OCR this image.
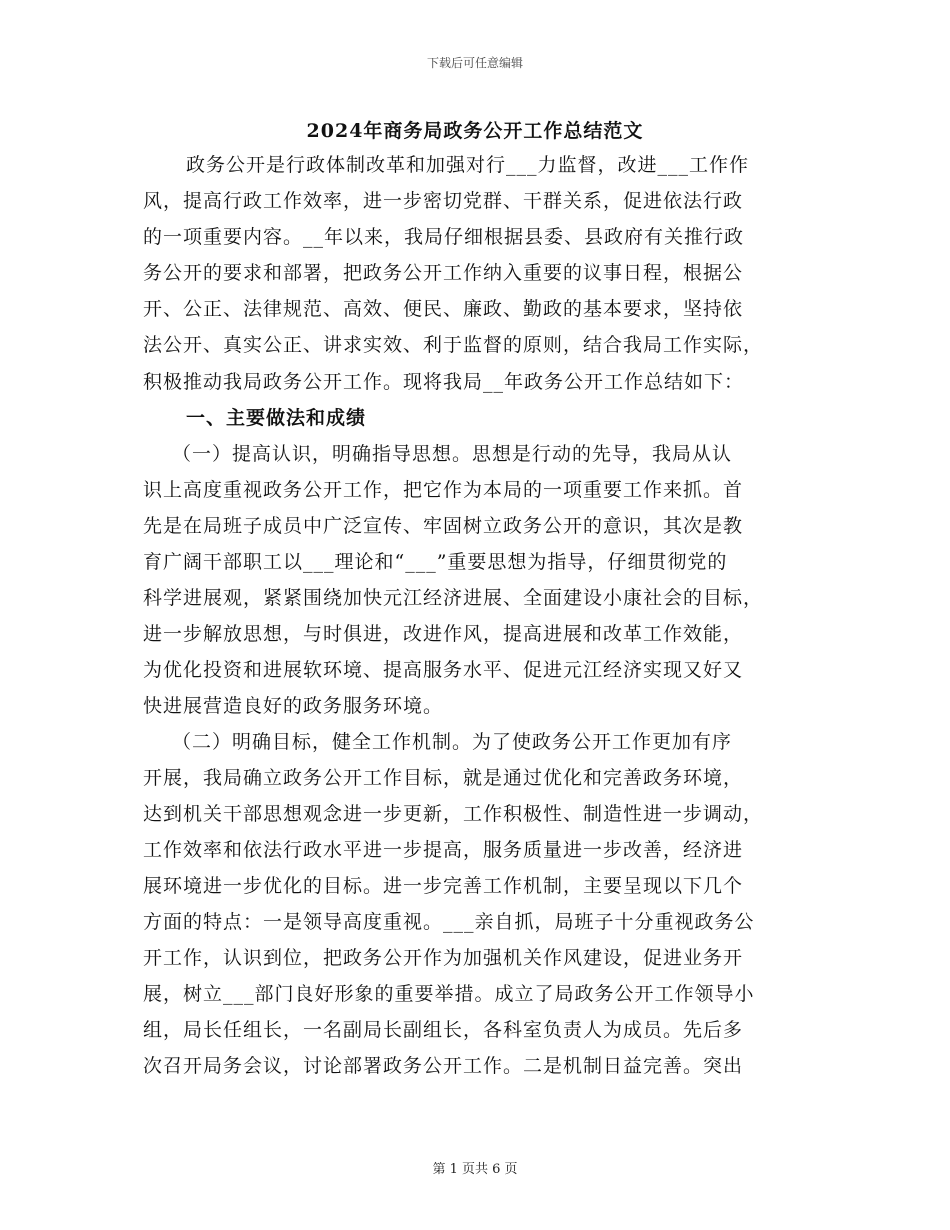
下载后可任意编辑
2024年商务局政务公开工作总结范文
政务公开是行政体制改革和加强对行___力监督，改进___工作作
风，提高行政工作效率，进一步密切党群、干群关系，促进依法行政
的一项重要内容。__年以来，我局仔细根据县委、县政府有关推行政
务公开的要求和部署，把政务公开工作纳入重要的议事日程，根据公
开、公正、法律规范、高效、便民、廉政、勤政的基本要求，坚持依
法公开、真实公正、讲求实效、利于监督的原则，结合我局工作实际，
积极推动我局政务公开工作。现将我局__年政务公开工作总结如下：
一、主要做法和成绩
（一）提高认识，明确指导思想。思想是行动的先导，我局从认
识上高度重视政务公开工作，把它作为本局的一项重要工作来抓。首
先是在局班子成员中广泛宣传、牢固树立政务公开的意识，其次是教
育广阔干部职工以___理论和“___”重要思想为指导，仔细贯彻党的
科学进展观，紧紧围绕加快元江经济进展、全面建设小康社会的目标，
进一步解放思想，与时俱进，改进作风，提高进展和改革工作效能，
为优化投资和进展软环境、提高服务水平、促进元江经济实现又好又
快进展营造良好的政务服务环境。
（二）明确目标，健全工作机制。为了使政务公开工作更加有序
开展，我局确立政务公开工作目标，就是通过优化和完善政务环境，
达到机关干部思想观念进一步更新，工作积极性、制造性进一步调动，
工作效率和依法行政水平进一步提高，服务质量进一步改善，经济进
展环境进一步优化的目标。进一步完善工作机制，主要呈现以下几个
方面的特点：一是领导高度重视。___亲自抓，局班子十分重视政务公
开工作，认识到位，把政务公开作为加强机关作风建设，促进业务开
展，树立___部门良好形象的重要举措。成立了局政务公开工作领导小
组，局长任组长，一名副局长副组长，各科室负责人为成员。先后多
次召开局务会议，讨论部署政务公开工作。二是机制日益完善。突出
第 1 页共 6 页
